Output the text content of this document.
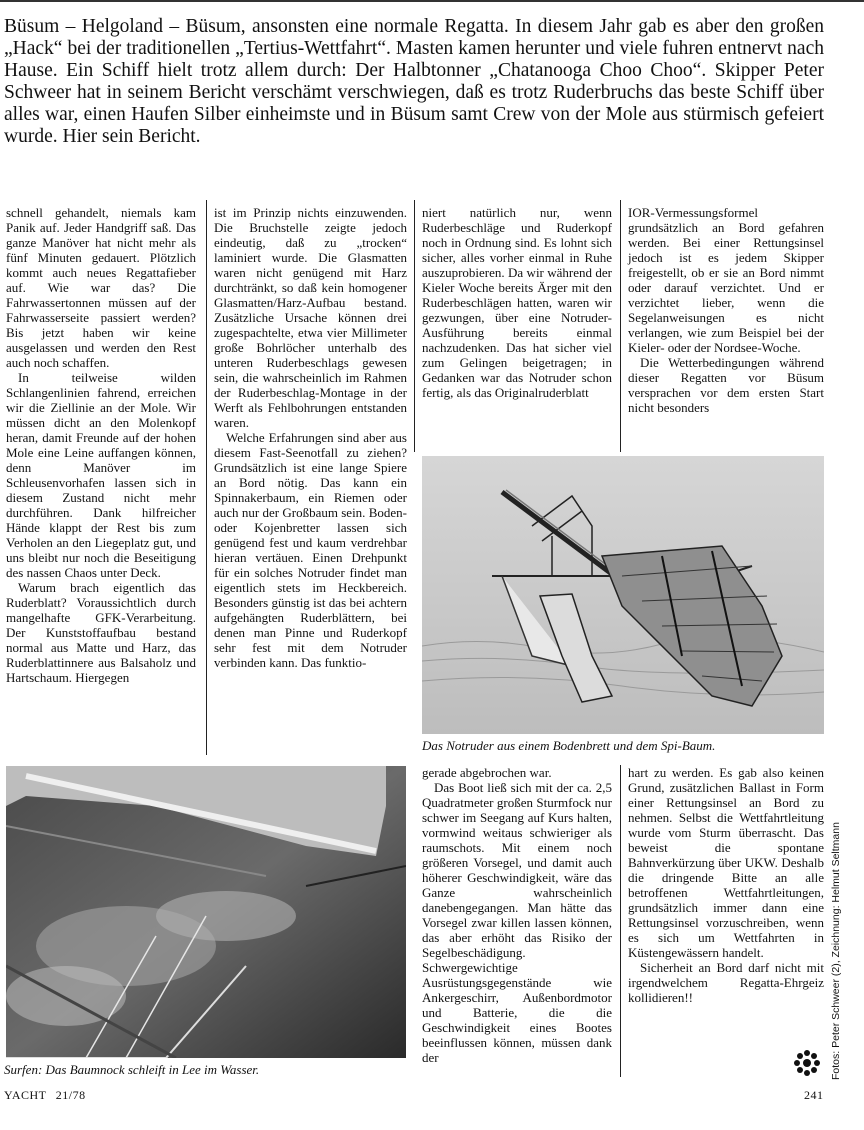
Büsum – Helgoland – Büsum, ansonsten eine normale Regatta. In diesem Jahr gab es aber den großen „Hack“ bei der traditionellen „Tertius-Wettfahrt“. Masten kamen herunter und viele fuhren entnervt nach Hause. Ein Schiff hielt trotz allem durch: Der Halbtonner „Chatanooga Choo Choo“. Skipper Peter Schweer hat in seinem Bericht verschämt verschwiegen, daß es trotz Ruderbruchs das beste Schiff über alles war, einen Haufen Silber einheimste und in Büsum samt Crew von der Mole aus stürmisch gefeiert wurde. Hier sein Bericht.

schnell gehandelt, niemals kam Panik auf. Jeder Handgriff saß. Das ganze Manöver hat nicht mehr als fünf Minuten gedauert. Plötzlich kommt auch neues Regattafieber auf. Wie war das? Die Fahrwassertonnen müssen auf der Fahrwasserseite passiert werden? Bis jetzt haben wir keine ausgelassen und werden den Rest auch noch schaffen.

In teilweise wilden Schlangenlinien fahrend, erreichen wir die Ziellinie an der Mole. Wir müssen dicht an den Molenkopf heran, damit Freunde auf der hohen Mole eine Leine auffangen können, denn Manöver im Schleusenvorhafen lassen sich in diesem Zustand nicht mehr durchführen. Dank hilfreicher Hände klappt der Rest bis zum Verholen an den Liegeplatz gut, und uns bleibt nur noch die Beseitigung des nassen Chaos unter Deck.

Warum brach eigentlich das Ruderblatt? Voraussichtlich durch mangelhafte GFK-Verarbeitung. Der Kunststoffaufbau bestand normal aus Matte und Harz, das Ruderblattinnere aus Balsaholz und Hartschaum. Hiergegen

ist im Prinzip nichts einzuwenden. Die Bruchstelle zeigte jedoch eindeutig, daß zu „trocken“ laminiert wurde. Die Glasmatten waren nicht genügend mit Harz durchtränkt, so daß kein homogener Glasmatten/Harz-Aufbau bestand. Zusätzliche Ursache können drei zugespachtelte, etwa vier Millimeter große Bohrlöcher unterhalb des unteren Ruderbeschlags gewesen sein, die wahrscheinlich im Rahmen der Ruderbeschlag-Montage in der Werft als Fehlbohrungen entstanden waren.

Welche Erfahrungen sind aber aus diesem Fast-Seenotfall zu ziehen? Grundsätzlich ist eine lange Spiere an Bord nötig. Das kann ein Spinnakerbaum, ein Riemen oder auch nur der Großbaum sein. Boden- oder Kojenbretter lassen sich genügend fest und kaum verdrehbar hieran vertäuen. Einen Drehpunkt für ein solches Notruder findet man eigentlich stets im Heckbereich. Besonders günstig ist das bei achtern aufgehängten Ruderblättern, bei denen man Pinne und Ruderkopf sehr fest mit dem Notruder verbinden kann. Das funktio-

niert natürlich nur, wenn Ruderbeschläge und Ruderkopf noch in Ordnung sind. Es lohnt sich sicher, alles vorher einmal in Ruhe auszuprobieren. Da wir während der Kieler Woche bereits Ärger mit den Ruderbeschlägen hatten, waren wir gezwungen, über eine Notruder-Ausführung bereits einmal nachzudenken. Das hat sicher viel zum Gelingen beigetragen; in Gedanken war das Notruder schon fertig, als das Originalruderblatt

IOR-Vermessungsformel grundsätzlich an Bord gefahren werden. Bei einer Rettungsinsel jedoch ist es jedem Skipper freigestellt, ob er sie an Bord nimmt oder darauf verzichtet. Und er verzichtet lieber, wenn die Segelanweisungen es nicht verlangen, wie zum Beispiel bei der Kieler- oder der Nordsee-Woche.

Die Wetterbedingungen während dieser Regatten vor Büsum versprachen vor dem ersten Start nicht besonders

Das Notruder aus einem Bodenbrett und dem Spi-Baum.
Surfen: Das Baumnock schleift in Lee im Wasser.

gerade abgebrochen war.

Das Boot ließ sich mit der ca. 2,5 Quadratmeter großen Sturmfock nur schwer im Seegang auf Kurs halten, vormwind weitaus schwieriger als raumschots. Mit einem noch größeren Vorsegel, und damit auch höherer Geschwindigkeit, wäre das Ganze wahrscheinlich danebengegangen. Man hätte das Vorsegel zwar killen lassen können, das aber erhöht das Risiko der Segelbeschädigung. Schwergewichtige Ausrüstungsgegenstände wie Ankergeschirr, Außenbordmotor und Batterie, die die Geschwindigkeit eines Bootes beeinflussen können, müssen dank der

hart zu werden. Es gab also keinen Grund, zusätzlichen Ballast in Form einer Rettungsinsel an Bord zu nehmen. Selbst die Wettfahrtleitung wurde vom Sturm überrascht. Das beweist die spontane Bahnverkürzung über UKW. Deshalb die dringende Bitte an alle betroffenen Wettfahrtleitungen, grundsätzlich immer dann eine Rettungsinsel vorzuschreiben, wenn es sich um Wettfahrten in Küstengewässern handelt.

Sicherheit an Bord darf nicht mit irgendwelchem Regatta-Ehrgeiz kollidieren!!	Fotos: Peter Schweer (2), Zeichnung: Helmut Seltmann
YACHT 21/78	241
